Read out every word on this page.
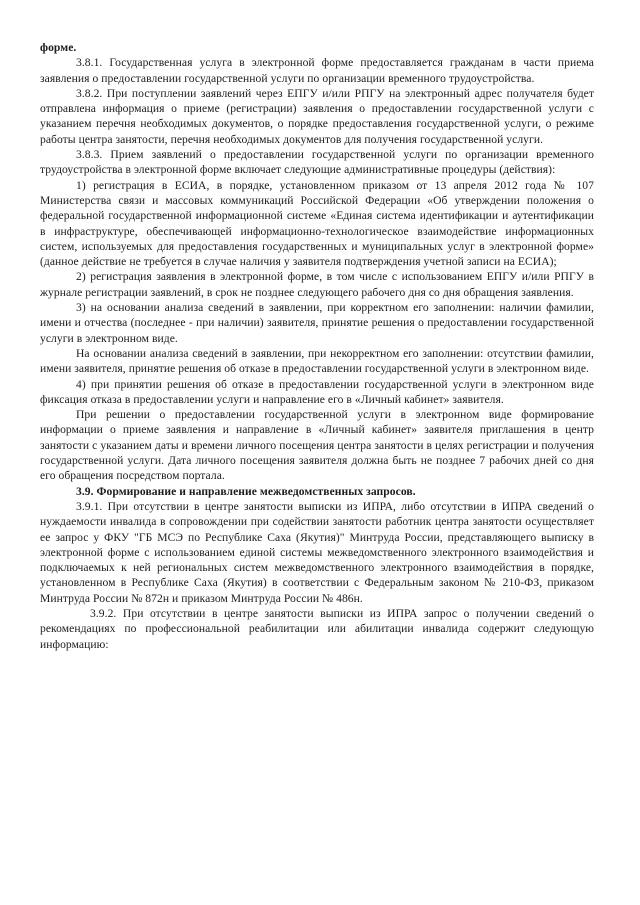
форме.

3.8.1. Государственная услуга в электронной форме предоставляется гражданам в части приема заявления о предоставлении государственной услуги по организации временного трудоустройства.

3.8.2. При поступлении заявлений через ЕПГУ и/или РПГУ на электронный адрес получателя будет отправлена информация о приеме (регистрации) заявления о предоставлении государственной услуги с указанием перечня необходимых документов, о порядке предоставления государственной услуги, о режиме работы центра занятости, перечня необходимых документов для получения государственной услуги.

3.8.3. Прием заявлений о предоставлении государственной услуги по организации временного трудоустройства в электронной форме включает следующие административные процедуры (действия):

1) регистрация в ЕСИА, в порядке, установленном приказом от 13 апреля 2012 года № 107 Министерства связи и массовых коммуникаций Российской Федерации «Об утверждении положения о федеральной государственной информационной системе «Единая система идентификации и аутентификации в инфраструктуре, обеспечивающей информационно-технологическое взаимодействие информационных систем, используемых для предоставления государственных и муниципальных услуг в электронной форме» (данное действие не требуется в случае наличия у заявителя подтверждения учетной записи на ЕСИА);

2) регистрация заявления в электронной форме, в том числе с использованием ЕПГУ и/или РПГУ в журнале регистрации заявлений, в срок не позднее следующего рабочего дня со дня обращения заявления.

3) на основании анализа сведений в заявлении, при корректном его заполнении: наличии фамилии, имени и отчества (последнее - при наличии) заявителя, принятие решения о предоставлении государственной услуги в электронном виде.

На основании анализа сведений в заявлении, при некорректном его заполнении: отсутствии фамилии, имени заявителя, принятие решения об отказе в предоставлении государственной услуги в электронном виде.

4) при принятии решения об отказе в предоставлении государственной услуги в электронном виде фиксация отказа в предоставлении услуги и направление его в «Личный кабинет» заявителя.

При решении о предоставлении государственной услуги в электронном виде формирование информации о приеме заявления и направление в «Личный кабинет» заявителя приглашения в центр занятости с указанием даты и времени личного посещения центра занятости в целях регистрации и получения государственной услуги. Дата личного посещения заявителя должна быть не позднее 7 рабочих дней со дня его обращения посредством портала.

3.9. Формирование и направление межведомственных запросов.

3.9.1. При отсутствии в центре занятости выписки из ИПРА, либо отсутствии в ИПРА сведений о нуждаемости инвалида в сопровождении при содействии занятости работник центра занятости осуществляет ее запрос у ФКУ "ГБ МСЭ по Республике Саха (Якутия)" Минтруда России, представляющего выписку в электронной форме с использованием единой системы межведомственного электронного взаимодействия и подключаемых к ней региональных систем межведомственного электронного взаимодействия в порядке, установленном в Республике Саха (Якутия) в соответствии с Федеральным законом № 210-ФЗ, приказом Минтруда России № 872н и приказом Минтруда России № 486н.

3.9.2. При отсутствии в центре занятости выписки из ИПРА запрос о получении сведений о рекомендациях по профессиональной реабилитации или абилитации инвалида содержит следующую информацию:
